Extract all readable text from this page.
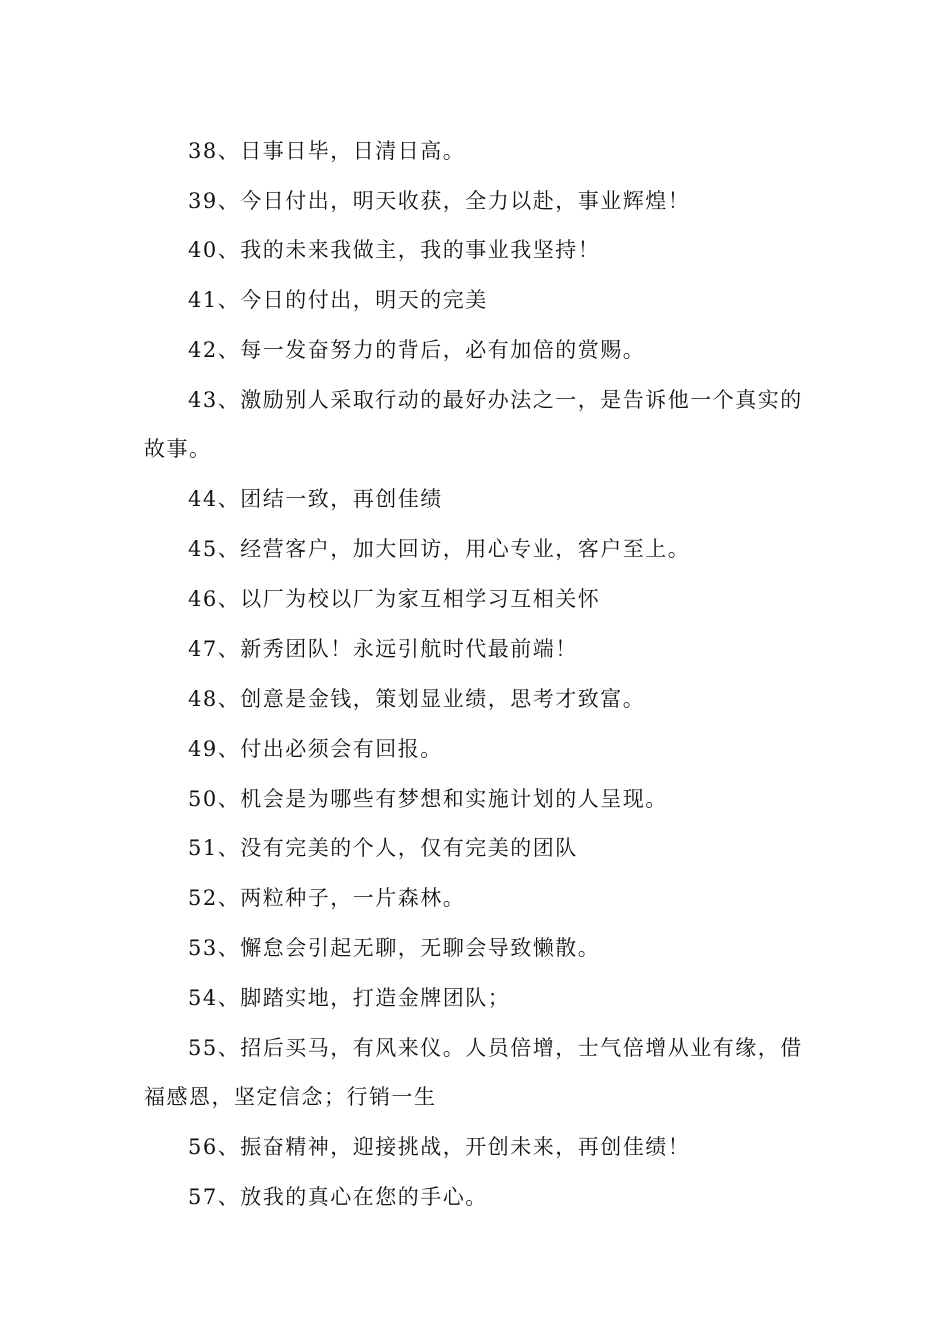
38、日事日毕，日清日高。
39、今日付出，明天收获，全力以赴，事业辉煌！
40、我的未来我做主，我的事业我坚持！
41、今日的付出，明天的完美
42、每一发奋努力的背后，必有加倍的赏赐。
43、激励别人采取行动的最好办法之一，是告诉他一个真实的
故事。
44、团结一致，再创佳绩
45、经营客户，加大回访，用心专业，客户至上。
46、以厂为校以厂为家互相学习互相关怀
47、新秀团队！永远引航时代最前端！
48、创意是金钱，策划显业绩，思考才致富。
49、付出必须会有回报。
50、机会是为哪些有梦想和实施计划的人呈现。
51、没有完美的个人，仅有完美的团队
52、两粒种子，一片森林。
53、懈怠会引起无聊，无聊会导致懒散。
54、脚踏实地，打造金牌团队；
55、招后买马，有风来仪。人员倍增，士气倍增从业有缘，借
福感恩，坚定信念；行销一生
56、振奋精神，迎接挑战，开创未来，再创佳绩！
57、放我的真心在您的手心。
